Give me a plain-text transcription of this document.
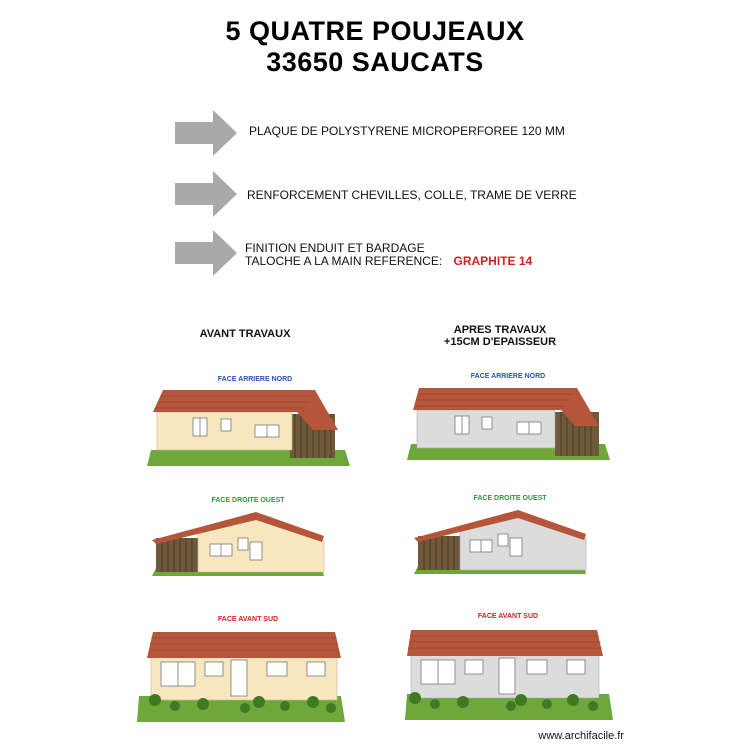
5 QUATRE POUJEAUX
33650 SAUCATS
PLAQUE DE POLYSTYRENE MICROPERFOREE 120 MM
RENFORCEMENT CHEVILLES, COLLE, TRAME DE VERRE
FINITION ENDUIT ET BARDAGE
TALOCHE A LA MAIN REFERENCE: GRAPHITE 14
AVANT TRAVAUX	APRES TRAVAUX
+15CM D'EPAISSEUR
FACE ARRIERE NORD	FACE ARRIERE NORD
FACE DROITE OUEST	FACE DROITE OUEST
FACE AVANT SUD	FACE AVANT SUD
www.archifacile.fr
